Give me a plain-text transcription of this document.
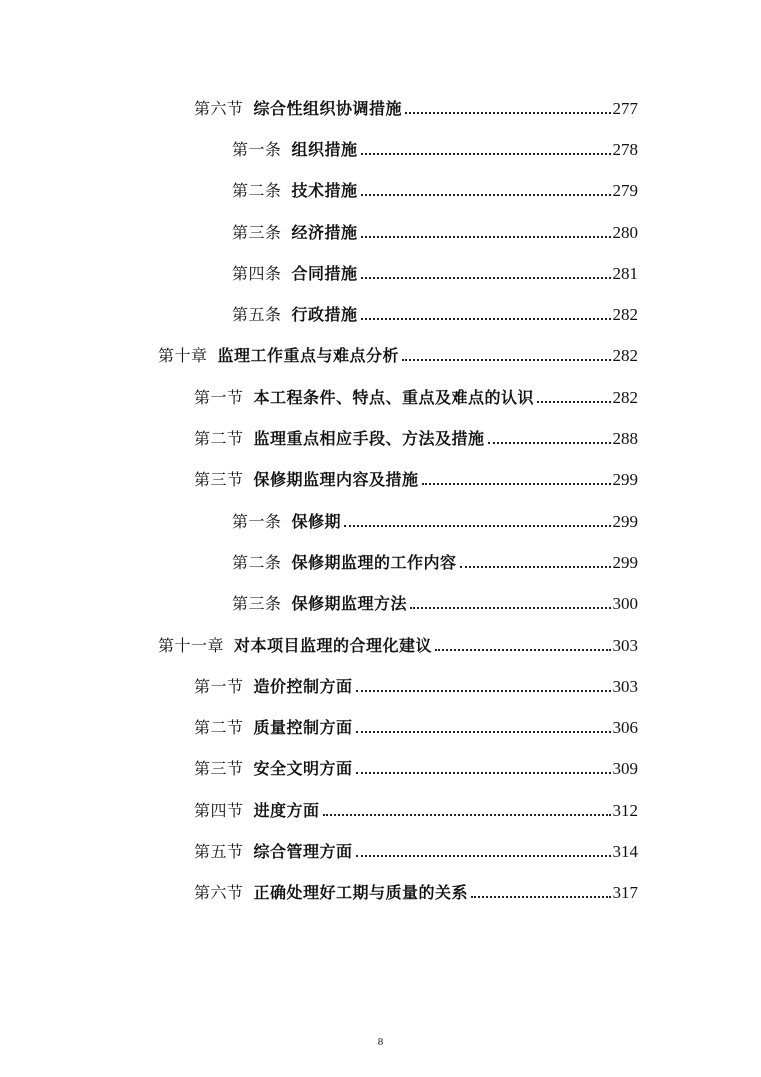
第六节 综合性组织协调措施	277
第一条 组织措施	278
第二条 技术措施	279
第三条 经济措施	280
第四条 合同措施	281
第五条 行政措施	282
第十章 监理工作重点与难点分析	282
第一节 本工程条件、特点、重点及难点的认识	282
第二节 监理重点相应手段、方法及措施	288
第三节 保修期监理内容及措施	299
第一条 保修期	299
第二条 保修期监理的工作内容	299
第三条 保修期监理方法	300
第十一章 对本项目监理的合理化建议	303
第一节 造价控制方面	303
第二节 质量控制方面	306
第三节 安全文明方面	309
第四节 进度方面	312
第五节 综合管理方面	314
第六节 正确处理好工期与质量的关系	317
8
